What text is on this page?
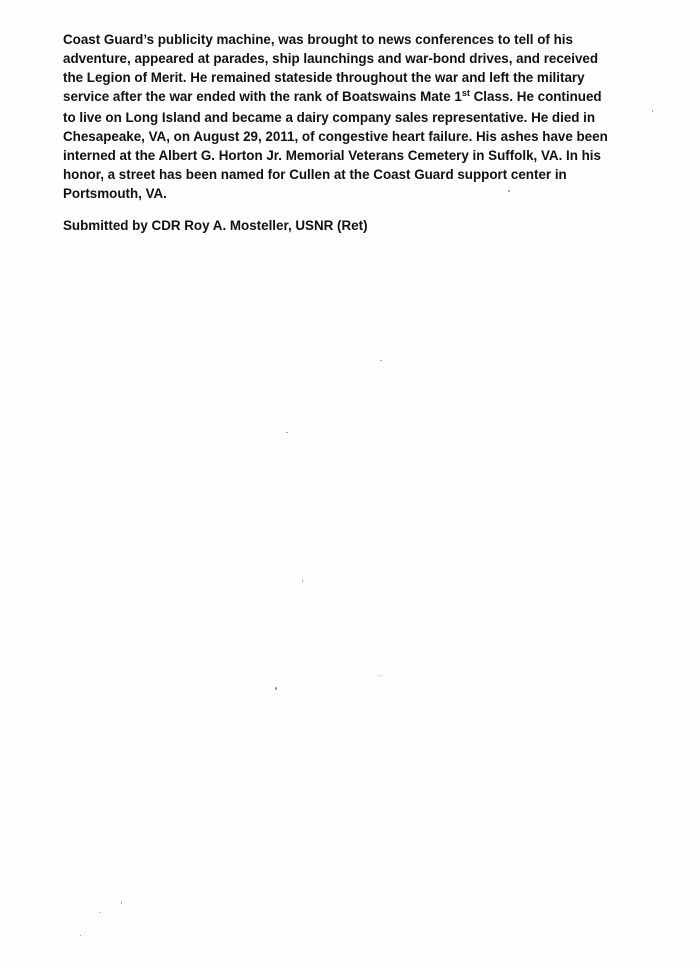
Coast Guard’s publicity machine, was brought to news conferences to tell of his
adventure, appeared at parades, ship launchings and war-bond drives, and received
the Legion of Merit. He remained stateside throughout the war and left the military
service after the war ended with the rank of Boatswains Mate 1st Class. He continued
to live on Long Island and became a dairy company sales representative. He died in
Chesapeake, VA, on August 29, 2011, of congestive heart failure. His ashes have been
interned at the Albert G. Horton Jr. Memorial Veterans Cemetery in Suffolk, VA. In his
honor, a street has been named for Cullen at the Coast Guard support center in
Portsmouth, VA.
Submitted by CDR Roy A. Mosteller, USNR (Ret)
